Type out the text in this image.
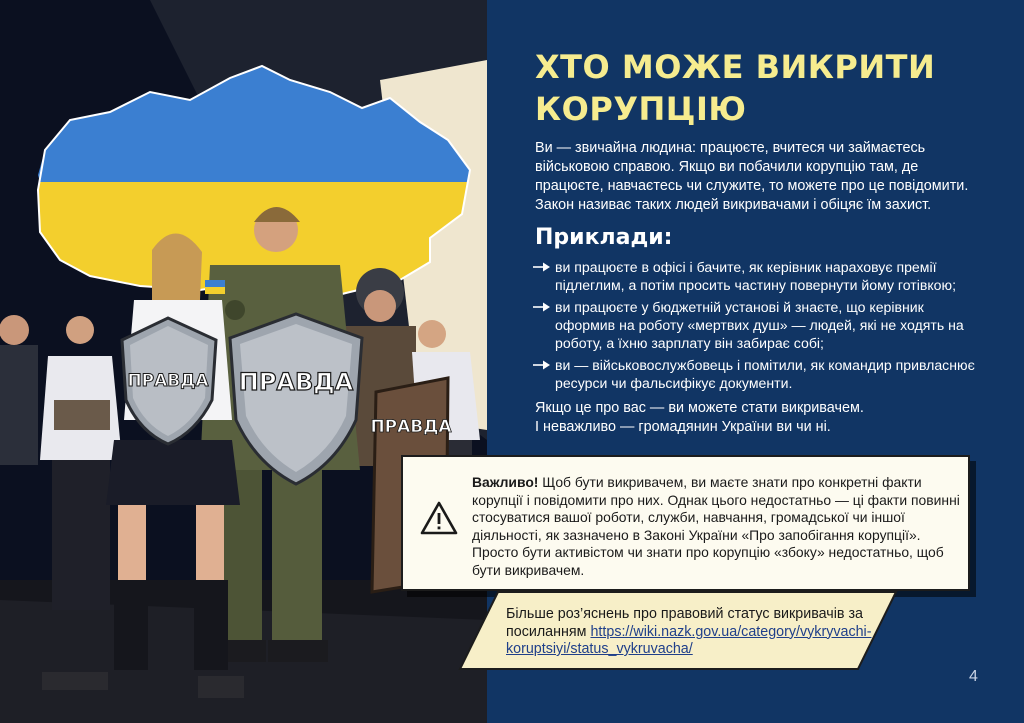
ПРАВДА ПРАВДА
ПРАВДА
ХТО МОЖЕ ВИКРИТИ КОРУПЦІЮ

Ви — звичайна людина: працюєте, вчитеся чи займаєтесь військовою справою. Якщо ви побачили корупцію там, де працюєте, навчаєтесь чи служите, то можете про це повідомити. Закон називає таких людей викривачами і обіцяє їм захист.

Приклади:
ви працюєте в офісі і бачите, як керівник нараховує премії підлеглим, а потім просить частину повернути йому готівкою;
ви працюєте у бюджетній установі й знаєте, що керівник оформив на роботу «мертвих душ» — людей, які не ходять на роботу, а їхню зарплату він забирає собі;
ви — військовослужбовець і помітили, як командир привласнює ресурси чи фальсифікує документи.
Якщо це про вас — ви можете стати викривачем.
І неважливо — громадянин України ви чи ні.

Важливо! Щоб бути викривачем, ви маєте знати про конкретні факти корупції і повідомити про них. Однак цього недостатньо — ці факти повинні стосуватися вашої роботи, служби, навчання, громадської чи іншої діяльності, як зазначено в Законі України «Про запобігання корупції». Просто бути активістом чи знати про корупцію «збоку» недостатньо, щоб бути викривачем.

Більше роз’яснень про правовий статус викривачів за посиланням https://wiki.nazk.gov.ua/category/vykryvachi-koruptsiyi/status_vykruvacha/

4
